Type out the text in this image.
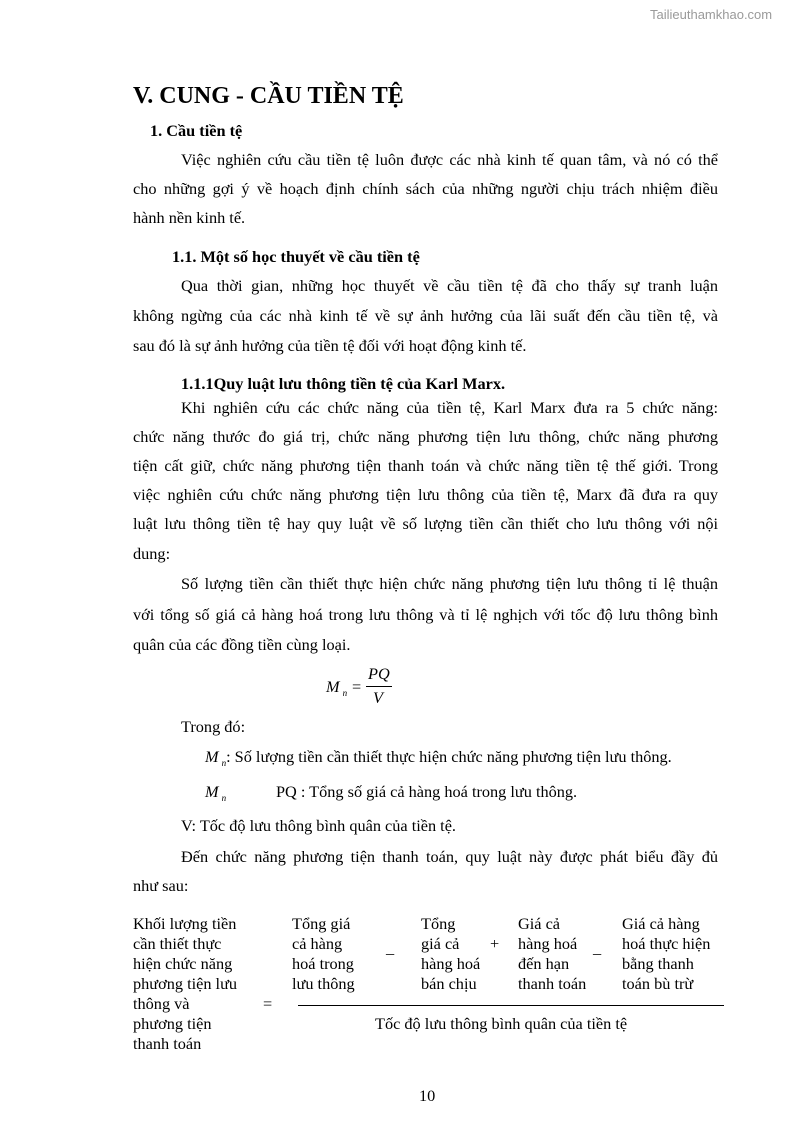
Tailieuthamkhao.com
V. CUNG - CẦU TIỀN TỆ
1. Cầu tiền tệ
Việc nghiên cứu cầu tiền tệ luôn được các nhà kinh tế quan tâm, và nó có thể
cho những gợi ý về hoạch định chính sách của những người chịu trách nhiệm điều
hành nền kinh tế.
1.1. Một số học thuyết về cầu tiền tệ
Qua thời gian, những học thuyết về cầu tiền tệ đã cho thấy sự tranh luận
không ngừng của các nhà kinh tế về sự ảnh hưởng của lãi suất đến cầu tiền tệ, và
sau đó là sự ảnh hưởng của tiền tệ đối với hoạt động kinh tế.
1.1.1Quy luật lưu thông tiền tệ của Karl Marx.
Khi nghiên cứu các chức năng của tiền tệ, Karl Marx đưa ra 5 chức năng:
chức năng thước đo giá trị, chức năng phương tiện lưu thông, chức năng phương
tiện cất giữ, chức năng phương tiện thanh toán và chức năng tiền tệ thế giới. Trong
việc nghiên cứu chức năng phương tiện lưu thông của tiền tệ, Marx đã đưa ra quy
luật lưu thông tiền tệ hay quy luật về số lượng tiền cần thiết cho lưu thông với nội
dung:
Số lượng tiền cần thiết thực hiện chức năng phương tiện lưu thông tỉ lệ thuận
với tổng số giá cả hàng hoá trong lưu thông và tỉ lệ nghịch với tốc độ lưu thông bình
quân của các đồng tiền cùng loại.
M $_n$ =
PQ
V
Trong đó:
M $_n$: Số lượng tiền cần thiết thực hiện chức năng phương tiện lưu thông.
M $_n$	PQ : Tổng số giá cả hàng hoá trong lưu thông.
V: Tốc độ lưu thông bình quân của tiền tệ.
Đến chức năng phương tiện thanh toán, quy luật này được phát biểu đầy đủ
như sau:
Khối lượng tiền
cần thiết thực
hiện chức năng
phương tiện lưu
thông và
phương tiện
thanh toán
=
Tổng giá
cả hàng
hoá trong
lưu thông
_
Tổng
giá cả
hàng hoá
bán chịu
+
Giá cả
hàng hoá
đến hạn
thanh toán
_
Giá cả hàng
hoá thực hiện
bằng thanh
toán bù trừ
Tốc độ lưu thông bình quân của tiền tệ
10
